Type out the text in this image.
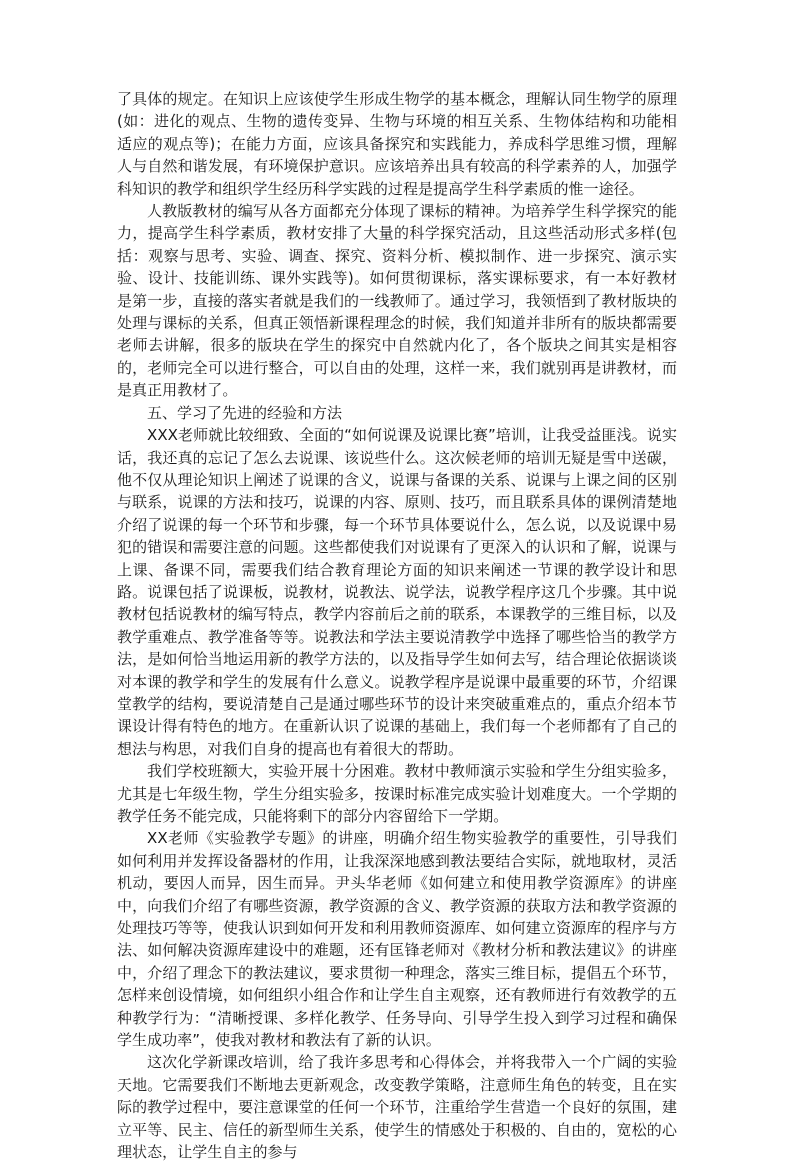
了具体的规定。在知识上应该使学生形成生物学的基本概念，理解认同生物学的原理(如：进化的观点、生物的遗传变异、生物与环境的相互关系、生物体结构和功能相适应的观点等)；在能力方面，应该具备探究和实践能力，养成科学思维习惯，理解人与自然和谐发展，有环境保护意识。应该培养出具有较高的科学素养的人，加强学科知识的教学和组织学生经历科学实践的过程是提高学生科学素质的惟一途径。

人教版教材的编写从各方面都充分体现了课标的精神。为培养学生科学探究的能力，提高学生科学素质，教材安排了大量的科学探究活动，且这些活动形式多样(包括：观察与思考、实验、调查、探究、资料分析、模拟制作、进一步探究、演示实验、设计、技能训练、课外实践等)。如何贯彻课标，落实课标要求，有一本好教材是第一步，直接的落实者就是我们的一线教师了。通过学习，我领悟到了教材版块的处理与课标的关系，但真正领悟新课程理念的时候，我们知道并非所有的版块都需要老师去讲解，很多的版块在学生的探究中自然就内化了，各个版块之间其实是相容的，老师完全可以进行整合，可以自由的处理，这样一来，我们就别再是讲教材，而是真正用教材了。

五、学习了先进的经验和方法

XXX老师就比较细致、全面的“如何说课及说课比赛”培训，让我受益匪浅。说实话，我还真的忘记了怎么去说课、该说些什么。这次候老师的培训无疑是雪中送碳，他不仅从理论知识上阐述了说课的含义，说课与备课的关系、说课与上课之间的区别与联系，说课的方法和技巧，说课的内容、原则、技巧，而且联系具体的课例清楚地介绍了说课的每一个环节和步骤，每一个环节具体要说什么，怎么说，以及说课中易犯的错误和需要注意的问题。这些都使我们对说课有了更深入的认识和了解，说课与上课、备课不同，需要我们结合教育理论方面的知识来阐述一节课的教学设计和思路。说课包括了说课板，说教材，说教法、说学法，说教学程序这几个步骤。其中说教材包括说教材的编写特点，教学内容前后之前的联系，本课教学的三维目标，以及教学重难点、教学准备等等。说教法和学法主要说清教学中选择了哪些恰当的教学方法，是如何恰当地运用新的教学方法的，以及指导学生如何去写，结合理论依据谈谈对本课的教学和学生的发展有什么意义。说教学程序是说课中最重要的环节，介绍课堂教学的结构，要说清楚自己是通过哪些环节的设计来突破重难点的，重点介绍本节课设计得有特色的地方。在重新认识了说课的基础上，我们每一个老师都有了自己的想法与构思，对我们自身的提高也有着很大的帮助。

我们学校班额大，实验开展十分困难。教材中教师演示实验和学生分组实验多，尤其是七年级生物，学生分组实验多，按课时标准完成实验计划难度大。一个学期的教学任务不能完成，只能将剩下的部分内容留给下一学期。

XX老师《实验教学专题》的讲座，明确介绍生物实验教学的重要性，引导我们如何利用并发挥设备器材的作用，让我深深地感到教法要结合实际，就地取材，灵活机动，要因人而异，因生而异。尹头华老师《如何建立和使用教学资源库》的讲座中，向我们介绍了有哪些资源，教学资源的含义、教学资源的获取方法和教学资源的处理技巧等等，使我认识到如何开发和利用教师资源库、如何建立资源库的程序与方法、如何解决资源库建设中的难题，还有匡锋老师对《教材分析和教法建议》的讲座中，介绍了理念下的教法建议，要求贯彻一种理念，落实三维目标，提倡五个环节，怎样来创设情境，如何组织小组合作和让学生自主观察，还有教师进行有效教学的五种教学行为：“清晰授课、多样化教学、任务导向、引导学生投入到学习过程和确保学生成功率”，使我对教材和教法有了新的认识。

这次化学新课改培训，给了我许多思考和心得体会，并将我带入一个广阔的实验天地。它需要我们不断地去更新观念，改变教学策略，注意师生角色的转变，且在实际的教学过程中，要注意课堂的任何一个环节，注重给学生营造一个良好的氛围，建立平等、民主、信任的新型师生关系，使学生的情感处于积极的、自由的，宽松的心理状态，让学生自主的参与
